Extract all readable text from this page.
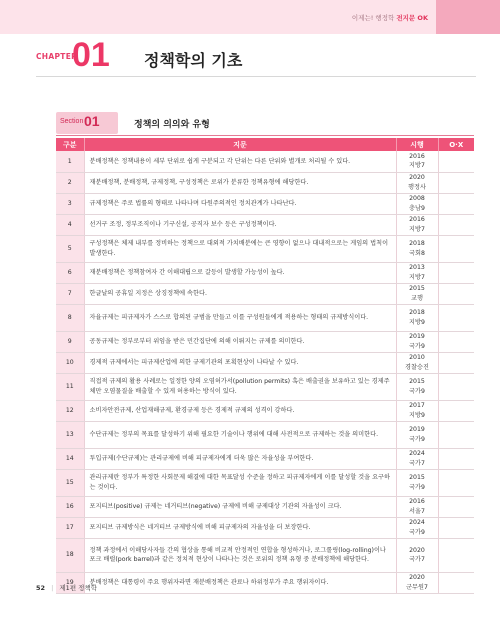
이제는! 행정학 전지문 OK
CHAPTER
01 정책학의 기초
Section 01	정책의 의의와 유형
구분	지문	시행	O·X
1	분배정책은 정책내용이 세부 단위로 쉽게 구분되고 각 단위는 다른 단위와 별개로 처리될 수 있다.	2016
지방7	

2	재분배정책, 분배정책, 규제정책, 구성정책은 로위가 분류한 정책유형에 해당한다.	2020
행정사	

3	규제정책은 주로 법률의 형태로 나타나며 다원주의적인 정치관계가 나타난다.	2008
충남9	

4	선거구 조정, 정부조직이나 기구신설, 공직자 보수 등은 구성정책이다.	2016
지방7	

5	구성정책은 체제 내부를 정비하는 정책으로 대외적 가치배분에는 큰 영향이 없으나 대내적으로는 게임의 법칙이 발생한다.	2018
국회8	

6	재분배정책은 정책참여자 간 이해대립으로 갈등이 발생할 가능성이 높다.	2013
지방7	

7	한글날의 공휴일 지정은 상징정책에 속한다.	2015
교행	

8	자율규제는 피규제자가 스스로 합의된 규범을 만들고 이를 구성원들에게 적용하는 형태의 규제방식이다.	2018
지방9	

9	공동규제는 정부로부터 위임을 받은 민간집단에 의해 이뤄지는 규제를 의미한다.	2019
국가9	

10	경제적 규제에서는 피규제산업에 의한 규제기관의 포획현상이 나타날 수 있다.	2010
경찰승진	

11	직접적 규제의 활용 사례로는 일정한 양의 오염허가서(pollution permits) 혹은 배출권을 보유하고 있는 경제주체만 오염물질을 배출할 수 있게 허용하는 방식이 있다.	2015
국가9	

12	소비자안전규제, 산업재해규제, 환경규제 등은 경제적 규제의 성격이 강하다.	2017
지방9	

13	수단규제는 정부의 목표를 달성하기 위해 필요한 기술이나 행위에 대해 사전적으로 규제하는 것을 의미한다.	2019
국가9	

14	투입규제(수단규제)는 관리규제에 비해 피규제자에게 더욱 많은 자율성을 부여한다.	2024
국가7	

15	관리규제란 정부가 특정한 사회문제 해결에 대한 목표달성 수준을 정하고 피규제자에게 이를 달성할 것을 요구하는 것이다.	2015
국가9	

16	포지티브(positive) 규제는 네거티브(negative) 규제에 비해 규제대상 기관의 자율성이 크다.	2016
서울7	

17	포지티브 규제방식은 네거티브 규제방식에 비해 피규제자의 자율성을 더 보장한다.	2024
국가9	

18	정책 과정에서 이해당사자들 간의 협상을 통해 비교적 안정적인 연합을 형성하거나, 로그롤링(log-rolling)이나 포크 배럴(pork barrel)과 같은 정치적 현상이 나타나는 것은 로위의 정책 유형 중 분배정책에 해당한다.	2020
국가7	

19	분배정책은 대통령이 주요 행위자라면 재분배정책은 관료나 하위정부가 주요 행위자이다.	2020
군무원7	

52 | 제1편 정책학
